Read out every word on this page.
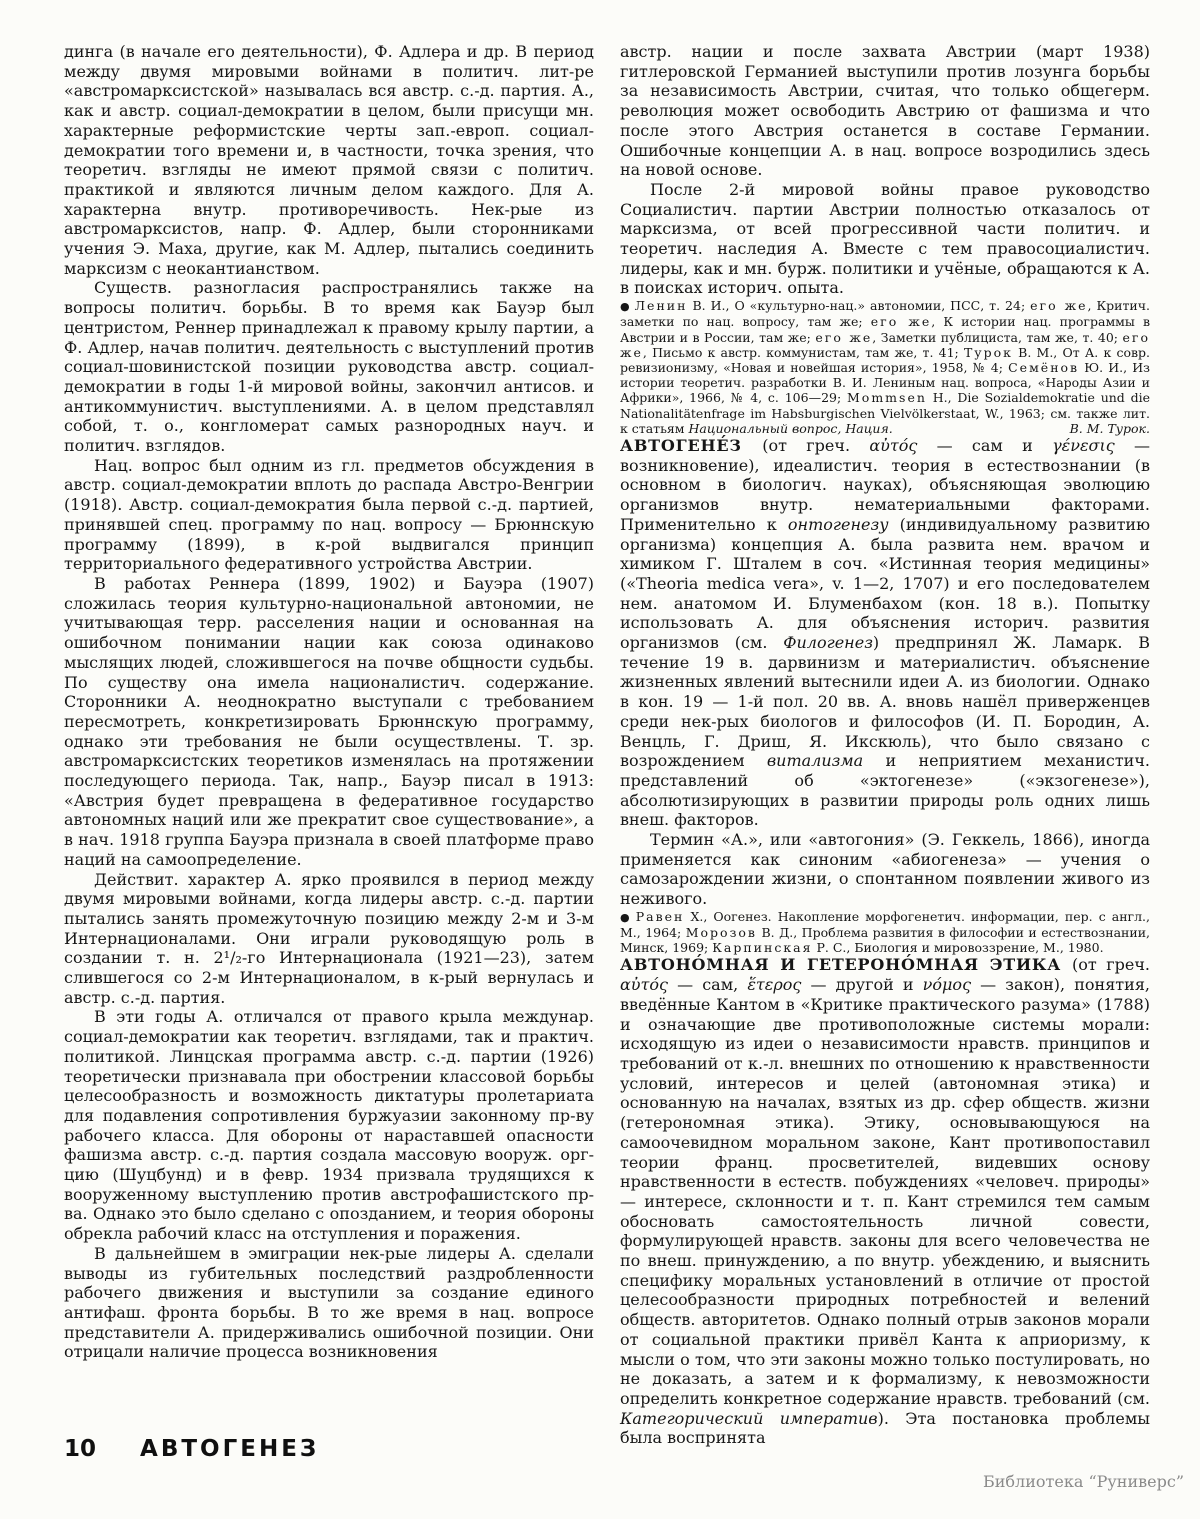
динга (в начале его деятельности), Ф. Адлера и др. В период между двумя мировыми войнами в политич. лит-ре «австромарксистской» называлась вся австр. с.-д. партия. А., как и австр. социал-демократии в целом, были присущи мн. характерные реформистские черты зап.-европ. социал-демократии того времени и, в частности, точка зрения, что теоретич. взгляды не имеют прямой связи с политич. практикой и являются личным делом каждого. Для А. характерна внутр. противоречивость. Нек-рые из австромарксистов, напр. Ф. Адлер, были сторонниками учения Э. Маха, другие, как М. Адлер, пытались соединить марксизм с неокантианством.
Существ. разногласия распространялись также на вопросы политич. борьбы. В то время как Бауэр был центристом, Реннер принадлежал к правому крылу партии, а Ф. Адлер, начав политич. деятельность с выступлений против социал-шовинистской позиции руководства австр. социал-демократии в годы 1-й мировой войны, закончил антисов. и антикоммунистич. выступлениями. А. в целом представлял собой, т. о., конгломерат самых разнородных науч. и политич. взглядов.
Нац. вопрос был одним из гл. предметов обсуждения в австр. социал-демократии вплоть до распада Австро-Венгрии (1918). Австр. социал-демократия была первой с.-д. партией, принявшей спец. программу по нац. вопросу — Брюннскую программу (1899), в к-рой выдвигался принцип территориального федеративного устройства Австрии.
В работах Реннера (1899, 1902) и Бауэра (1907) сложилась теория культурно-национальной автономии, не учитывающая терр. расселения нации и основанная на ошибочном понимании нации как союза одинаково мыслящих людей, сложившегося на почве общности судьбы. По существу она имела националистич. содержание. Сторонники А. неоднократно выступали с требованием пересмотреть, конкретизировать Брюннскую программу, однако эти требования не были осуществлены. Т. зр. австромарксистских теоретиков изменялась на протяжении последующего периода. Так, напр., Бауэр писал в 1913: «Австрия будет превращена в федеративное государство автономных наций или же прекратит свое существование», а в нач. 1918 группа Бауэра признала в своей платформе право наций на самоопределение.
Действит. характер А. ярко проявился в период между двумя мировыми войнами, когда лидеры австр. с.-д. партии пытались занять промежуточную позицию между 2-м и 3-м Интернационалами. Они играли руководящую роль в создании т. н. 2¹/₂-го Интернационала (1921—23), затем слившегося со 2-м Интернационалом, в к-рый вернулась и австр. с.-д. партия.
В эти годы А. отличался от правого крыла междунар. социал-демократии как теоретич. взглядами, так и практич. политикой. Линцская программа австр. с.-д. партии (1926) теоретически признавала при обострении классовой борьбы целесообразность и возможность диктатуры пролетариата для подавления сопротивления буржуазии законному пр-ву рабочего класса. Для обороны от нараставшей опасности фашизма австр. с.-д. партия создала массовую вооруж. орг-цию (Шуцбунд) и в февр. 1934 призвала трудящихся к вооруженному выступлению против австрофашистского пр-ва. Однако это было сделано с опозданием, и теория обороны обрекла рабочий класс на отступления и поражения.
В дальнейшем в эмиграции нек-рые лидеры А. сделали выводы из губительных последствий раздробленности рабочего движения и выступили за создание единого антифаш. фронта борьбы. В то же время в нац. вопросе представители А. придерживались ошибочной позиции. Они отрицали наличие процесса возникновения
австр. нации и после захвата Австрии (март 1938) гитлеровской Германией выступили против лозунга борьбы за независимость Австрии, считая, что только общегерм. революция может освободить Австрию от фашизма и что после этого Австрия останется в составе Германии. Ошибочные концепции А. в нац. вопросе возродились здесь на новой основе.
После 2-й мировой войны правое руководство Социалистич. партии Австрии полностью отказалось от марксизма, от всей прогрессивной части политич. и теоретич. наследия А. Вместе с тем правосоциалистич. лидеры, как и мн. бурж. политики и учёные, обращаются к А. в поисках историч. опыта.
● Ленин В. И., О «культурно-нац.» автономии, ПСС, т. 24; его же, Критич. заметки по нац. вопросу, там же; его же, К истории нац. программы в Австрии и в России, там же; его же, Заметки публициста, там же, т. 40; его же, Письмо к австр. коммунистам, там же, т. 41; Турок В. М., От А. к совр. ревизионизму, «Новая и новейшая история», 1958, № 4; Семёнов Ю. И., Из истории теоретич. разработки В. И. Лениным нац. вопроса, «Народы Азии и Африки», 1966, № 4, с. 106—29; Mommsen H., Die Sozialdemokratie und die Nationalitätenfrage im Habsburgischen Vielvölkerstaat, W., 1963; см. также лит. к статьям Национальный вопрос, Нация.	В. М. Турок.
АВТОГЕНЕ́З (от греч. αὐτός — сам и γένεσις — возникновение), идеалистич. теория в естествознании (в основном в биологич. науках), объясняющая эволюцию организмов внутр. нематериальными факторами. Применительно к онтогенезу (индивидуальному развитию организма) концепция А. была развита нем. врачом и химиком Г. Шталем в соч. «Истинная теория медицины» («Theoria medica vera», v. 1—2, 1707) и его последователем нем. анатомом И. Блуменбахом (кон. 18 в.). Попытку использовать А. для объяснения историч. развития организмов (см. Филогенез) предпринял Ж. Ламарк. В течение 19 в. дарвинизм и материалистич. объяснение жизненных явлений вытеснили идеи А. из биологии. Однако в кон. 19 — 1-й пол. 20 вв. А. вновь нашёл приверженцев среди нек-рых биологов и философов (И. П. Бородин, А. Венцль, Г. Дриш, Я. Икскюль), что было связано с возрождением витализма и неприятием механистич. представлений об «эктогенезе» («экзогенезе»), абсолютизирующих в развитии природы роль одних лишь внеш. факторов.
Термин «А.», или «автогония» (Э. Геккель, 1866), иногда применяется как синоним «абиогенеза» — учения о самозарождении жизни, о спонтанном появлении живого из неживого.
● Равен Х., Оогенез. Накопление морфогенетич. информации, пер. с англ., М., 1964; Морозов В. Д., Проблема развития в философии и естествознании, Минск, 1969; Карпинская Р. С., Биология и мировоззрение, М., 1980.
АВТОНО́МНАЯ И ГЕТЕРОНО́МНАЯ ЭТИКА (от греч. αὐτός — сам, ἕτερος — другой и νόμος — закон), понятия, введённые Кантом в «Критике практического разума» (1788) и означающие две противоположные системы морали: исходящую из идеи о независимости нравств. принципов и требований от к.-л. внешних по отношению к нравственности условий, интересов и целей (автономная этика) и основанную на началах, взятых из др. сфер обществ. жизни (гетерономная этика). Этику, основывающуюся на самоочевидном моральном законе, Кант противопоставил теории франц. просветителей, видевших основу нравственности в естеств. побуждениях «человеч. природы» — интересе, склонности и т. п. Кант стремился тем самым обосновать самостоятельность личной совести, формулирующей нравств. законы для всего человечества не по внеш. принуждению, а по внутр. убеждению, и выяснить специфику моральных установлений в отличие от простой целесообразности природных потребностей и велений обществ. авторитетов. Однако полный отрыв законов морали от социальной практики привёл Канта к априоризму, к мысли о том, что эти законы можно только постулировать, но не доказать, а затем и к формализму, к невозможности определить конкретное содержание нравств. требований (см. Категорический императив). Эта постановка проблемы была воспринята
10 АВТОГЕНЕЗ
Библиотека “Руниверс”
